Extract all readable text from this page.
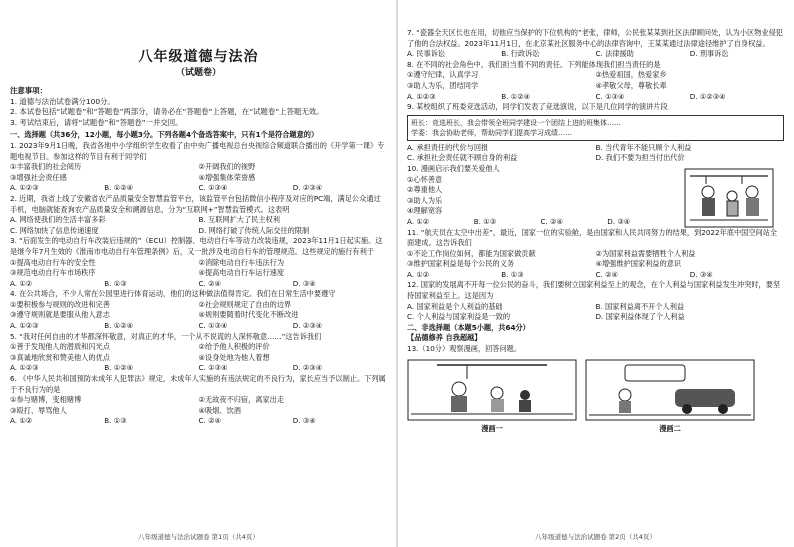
八年级道德与法治
（试题卷）
注意事项：
1. 道德与法治试卷满分100分。
2. 本试卷包括“试题卷”和“答题卷”两部分，请务必在“答题卷”上答题，在“试题卷”上答题无效。
3. 考试结束后，请将“试题卷”和“答题卷”一并交回。
一、选择题（共36分，12小题，每小题3分。下列各题4个备选答案中，只有1个是符合题意的）
1. 2023年9月1日晚，我省各地中小学组织学生收看了由中央广播电视总台央视综合频道联合播出的《开学第一课》专题电视节目。参加这样的节目有利于同学们
①丰富我们的社会阅历	②开阔我们的视野
③增强社会责任感	④增强集体荣誉感
A. ①②③	B. ①②④	C. ①③④	D. ②③④
2. 近期，我省上线了安徽省农产品质量安全智慧监管平台，该监管平台包括微信小程序及对应的PC端，满足公众通过手机，电脑就能查询农产品质量安全和溯源信息，分为“互联网+”智慧监管模式。这表明
A. 网络使我们的生活丰富多彩	B. 互联网扩大了民主权利
C. 网络加快了信息传递速度	D. 网络打破了传统人际交往的限制
3. “后面发生的电动自行车改装后违规的”（ECU）控制器、电动自行车等动力改装违规，2023年11月1日起实施。这是继今年7月生效的《淮南市电动自行车管理条例》后，又一批涉及电动自行车的管理规范。这些规定的施行有利于
①提高电动自行车的安全性	②消除电动自行车违法行为
③规范电动自行车市场秩序	④提高电动自行车运行速度
A. ①②	B. ①③	C. ②④	D. ③④
4. 在公共场合，不少人常在公园里进行体育运动，他们的这种做法值得肯定。我们在日常生活中要遵守
①要积极参与规则的改进和完善	②社会规则规定了自由的边界
③遵守规则就是要服从他人意志	④规则要随着时代变化不断改进
A. ①②③	B. ①②④	C. ①③④	D. ②③④
5. “我对任何自由的才华都深怀敬意，对真正的才华，一个从不说谎的人深怀敬意……”这告诉我们
①善于发现他人的潜质和闪光点	②给予他人积极的评价
③真诚地欣赏和赞美他人的优点	④设身处地为他人着想
A. ①②③	B. ①②④	C. ①③④	D. ②③④
6. 《中华人民共和国预防未成年人犯罪法》规定，未成年人实施的有违法规定的不良行为，家长应当予以制止。下列属于不良行为的是
①参与赌博，变相赌博	②无故夜不归宿，离家出走
③殴打、辱骂他人	④吸烟、饮酒
A. ①②	B. ①③	C. ②④	D. ③④
八年级道德与法治试题卷 第1页（共4页）
7. “瓷器全天区长也在用，切他应当保护的下位机构的”老张，律师，公民张某某到社区法律顾问处，认为小区物业侵犯了他的合法权益。2023年11月1日，在北京某社区服务中心的法律咨询中，王某某通过法律途径维护了自身权益。
A. 民事诉讼	B. 行政诉讼	C. 法律援助	D. 刑事诉讼
8. 在不同的社会角色中，我们担当着不同的责任。下列能体现我们担当责任的是
①遵守纪律，认真学习	②热爱祖国，热爱家乡
③助人为乐，团结同学	④孝敬父母，尊敬长辈
A. ①②③	B. ①②④	C. ①③④	D. ①②③④
9. 某校组织了班委竞选活动，同学们发表了竞选演说，以下是几位同学的演讲片段
班长：竞选班长，我会带领全班同学建设一个团结上进的班集体……
学委：我会协助老师，帮助同学们提高学习成绩……
A. 承担责任的代价与回报	B. 当代青年不能只顾个人利益
C. 承担社会责任就不顾自身的利益	D. 我们不要为担当付出代价
10. 漫画启示我们要关爱他人
①心怀善意
②尊重他人
③助人为乐
④理解宽容
A. ①②	B. ①③	C. ②④	D. ③④
11. “航天员在太空中出差”，最近，国家一位的实验舱，是由国家和人民共同努力的结果，到2022年底中国空间站全面建成。这告诉我们
①不论工作岗位如何，都能为国家做贡献	②为国家利益需要牺牲个人利益
③维护国家利益是每个公民的义务	④增强维护国家利益的意识
A. ①②	B. ①③	C. ②④	D. ③④
12. 国家的发展离不开每一位公民的奋斗，我们要树立国家利益至上的观念，在个人利益与国家利益发生冲突时，要坚持国家利益至上。这是因为
A. 国家利益是个人利益的基础	B. 国家利益离不开个人利益
C. 个人利益与国家利益是一致的	D. 国家利益体现了个人利益
二、非选择题（本题5小题，共64分）
【品德修养 自我超越】
13.（10分）观察漫画，回答问题。
漫画一	漫画二
八年级道德与法治试题卷 第2页（共4页）
